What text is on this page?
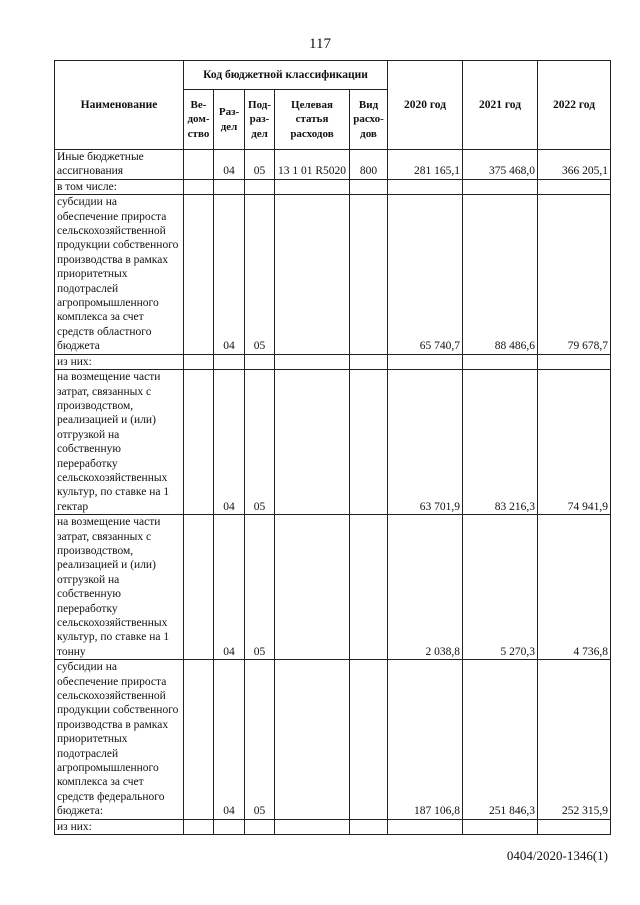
117
Наименование	Код бюджетной классификации					2020 год	2021 год	2022 год
	Ве-дом-ство	Раз-дел	Под-раз-дел	Целевая статья расходов	Вид расхо-дов			
Иные бюджетные ассигнования		04	05	13 1 01 R5020	800	281 165,1	375 468,0	366 205,1
в том числе:								
субсидии на обеспечение прироста сельскохозяйственной продукции собственного производства в рамках приоритетных подотраслей агропромышленного комплекса за счет средств областного бюджета		04	05			65 740,7	88 486,6	79 678,7
из них:								
на возмещение части затрат, связанных с производством, реализацией и (или) отгрузкой на собственную переработку сельскохозяйственных культур, по ставке на 1 гектар		04	05			63 701,9	83 216,3	74 941,9
на возмещение части затрат, связанных с производством, реализацией и (или) отгрузкой на собственную переработку сельскохозяйственных культур, по ставке на 1 тонну		04	05			2 038,8	5 270,3	4 736,8
субсидии на обеспечение прироста сельскохозяйственной продукции собственного производства в рамках приоритетных подотраслей агропромышленного комплекса за счет средств федерального бюджета:		04	05			187 106,8	251 846,3	252 315,9
из них:								
0404/2020-1346(1)
